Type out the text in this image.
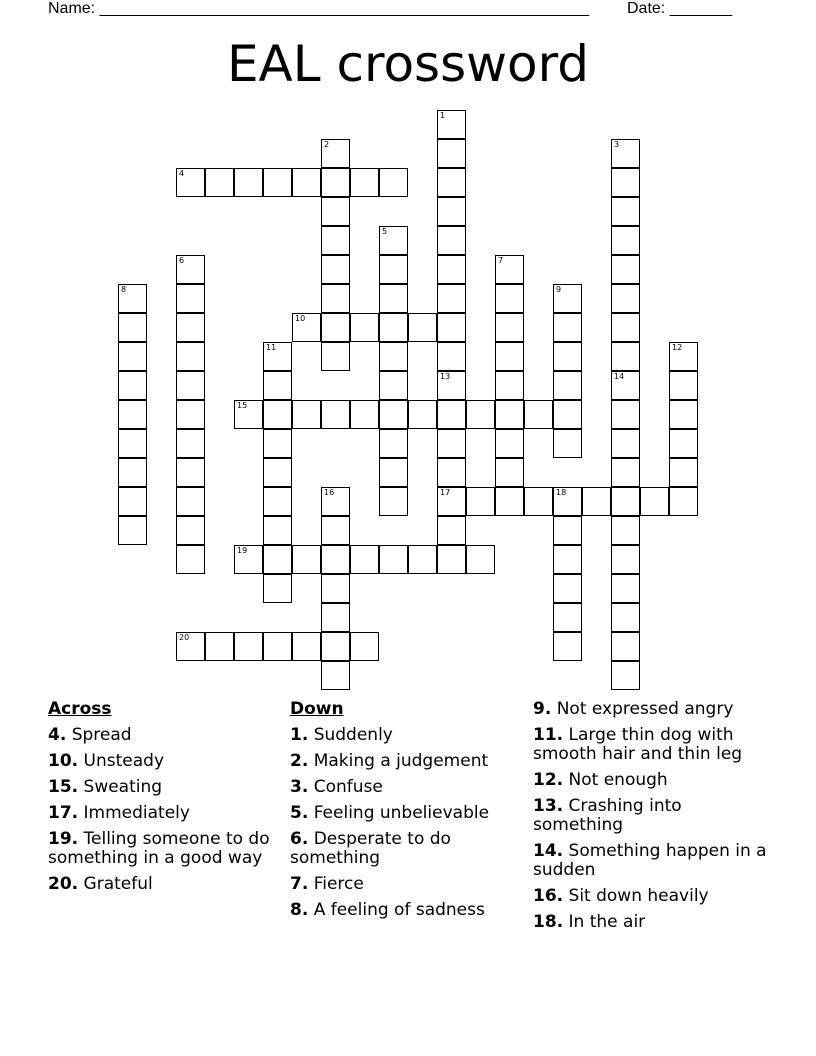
Name: _______________________________________________________ Date: _______
EAL crossword
4
10
15
17	18
19
20
1
2	3
5
6	7
8	9
11	12
13	14
16
Across
4. Spread
10. Unsteady
15. Sweating
17. Immediately
19. Telling someone to do something in a good way
20. Grateful
Down
1. Suddenly
2. Making a judgement
3. Confuse
5. Feeling unbelievable
6. Desperate to do something
7. Fierce
8. A feeling of sadness
9. Not expressed angry
11. Large thin dog with smooth hair and thin leg
12. Not enough
13. Crashing into something
14. Something happen in a sudden
16. Sit down heavily
18. In the air
